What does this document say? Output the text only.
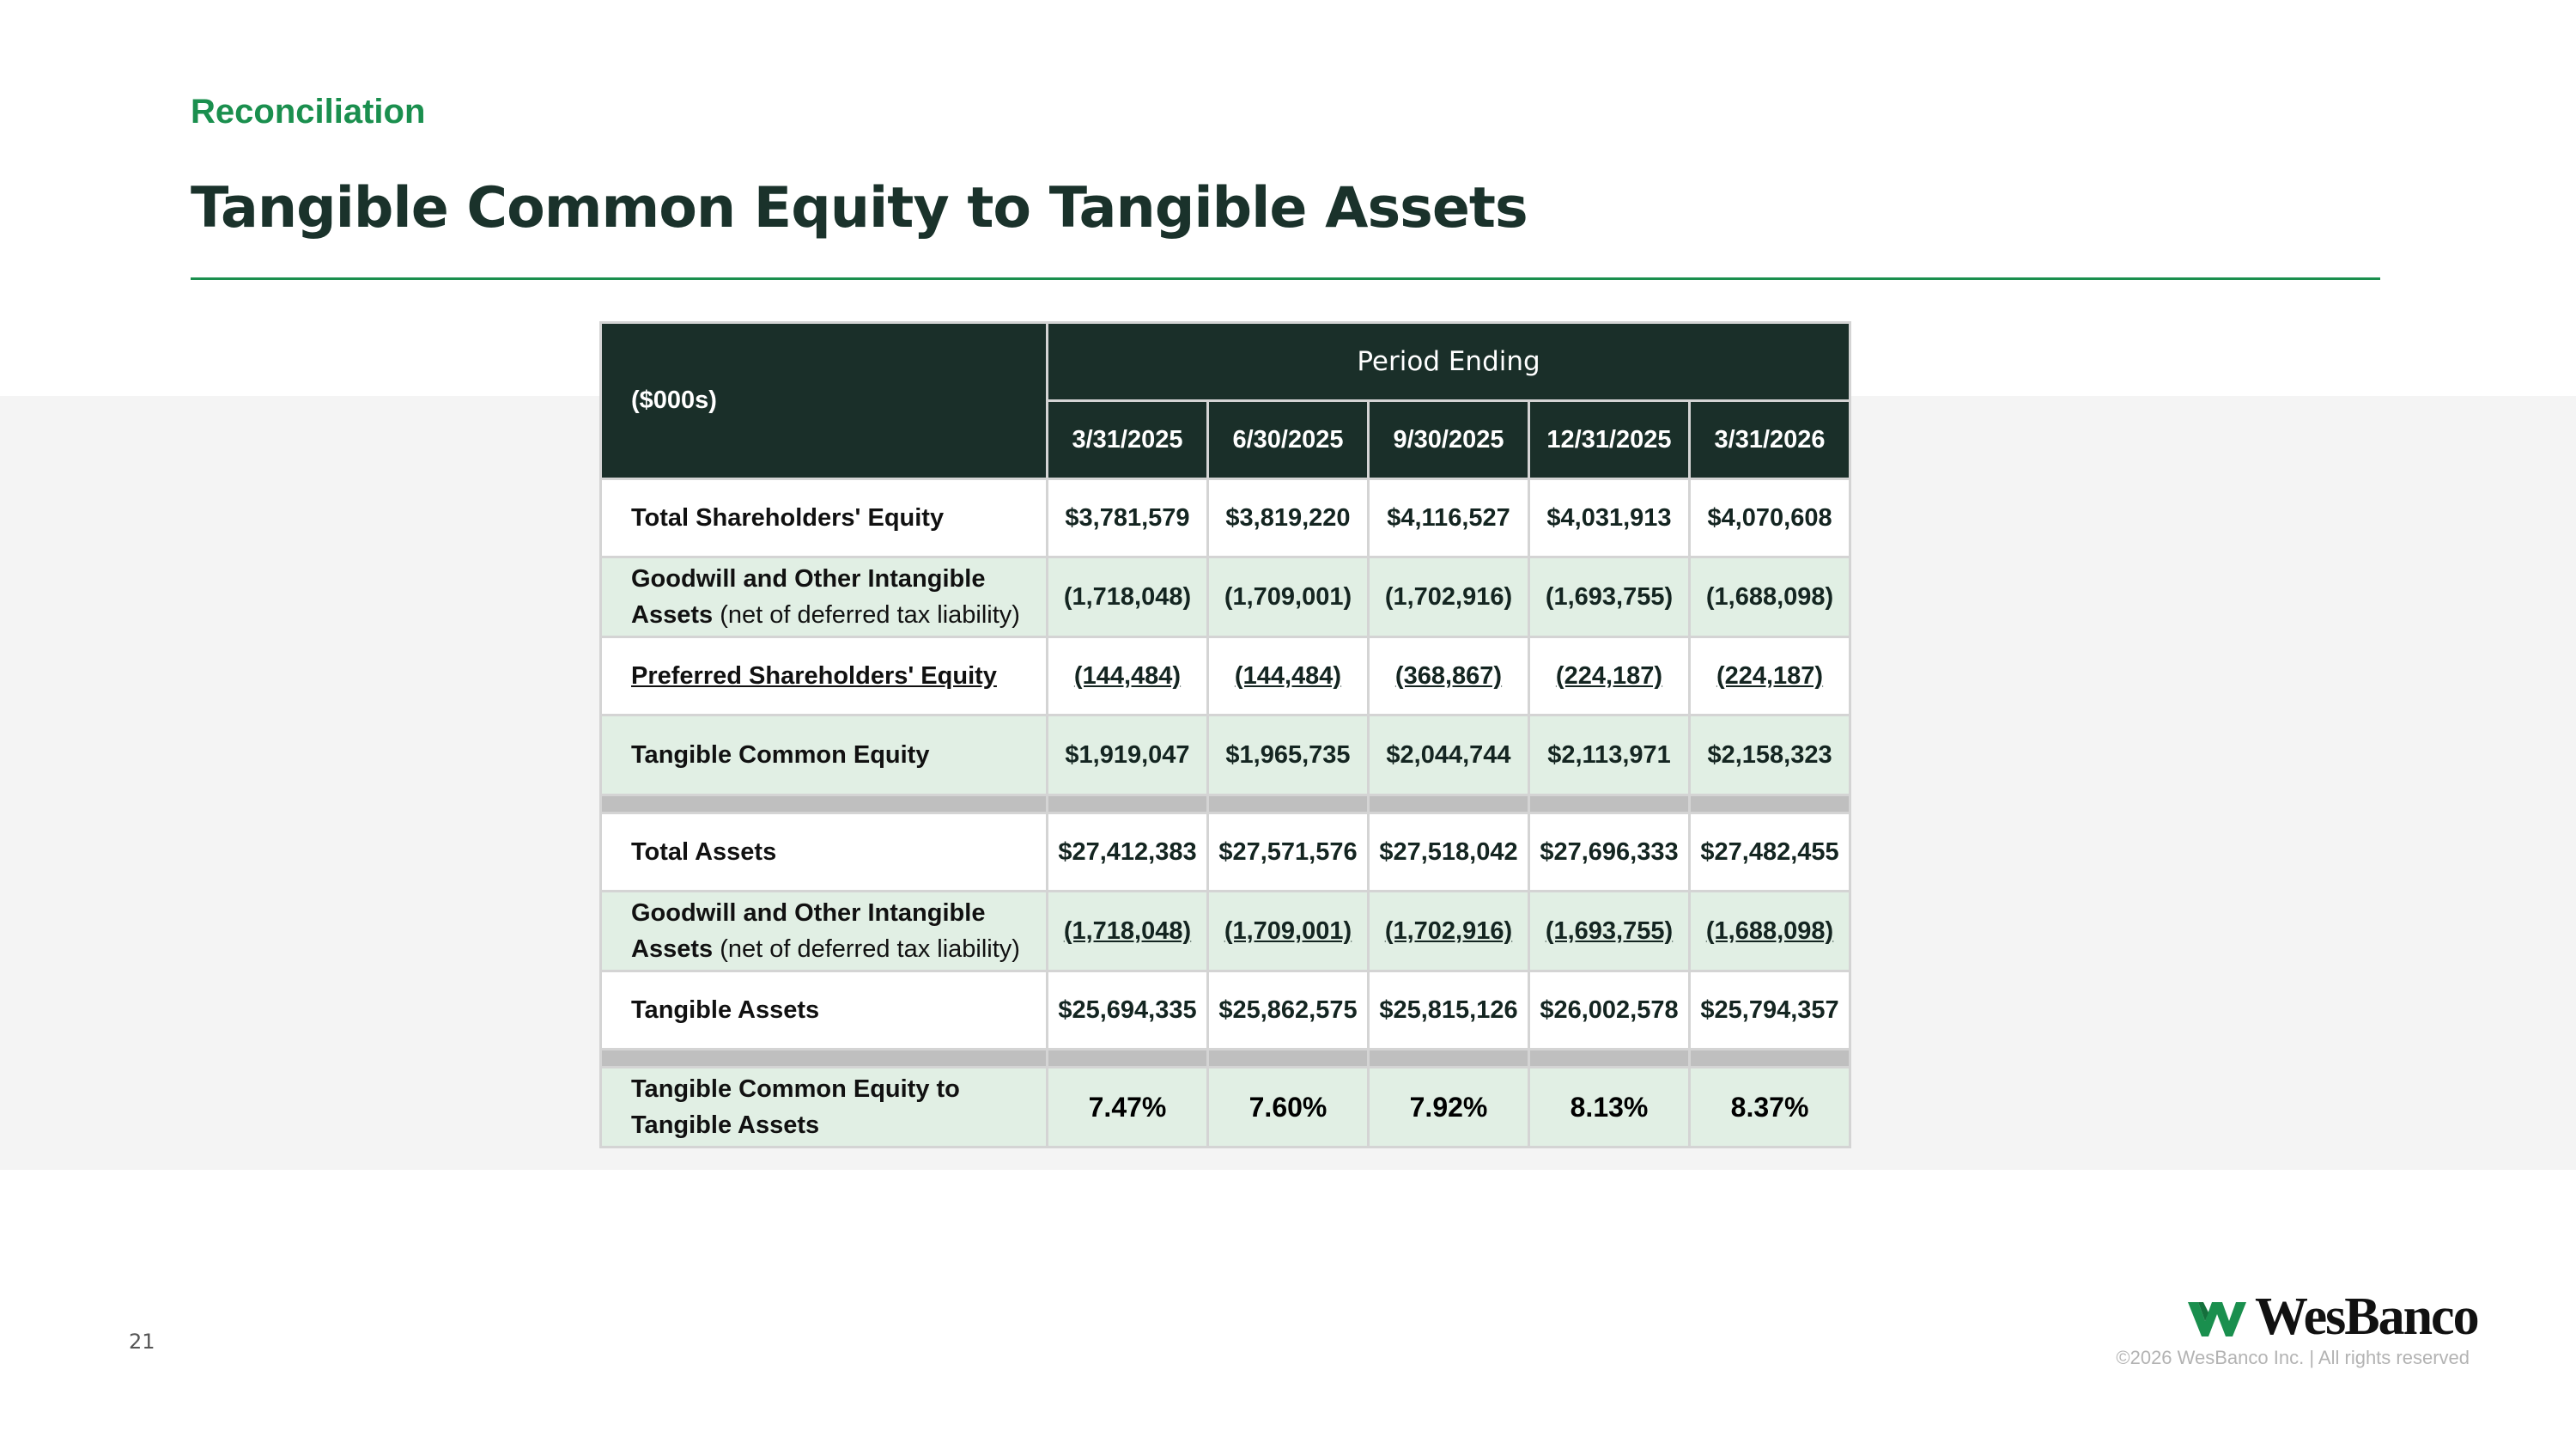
Reconciliation
Tangible Common Equity to Tangible Assets
($000s)	Period Ending				
	3/31/2025	6/30/2025	9/30/2025	12/31/2025	3/31/2026
Total Shareholders' Equity	$3,781,579	$3,819,220	$4,116,527	$4,031,913	$4,070,608
Goodwill and Other Intangible Assets (net of deferred tax liability)	(1,718,048)	(1,709,001)	(1,702,916)	(1,693,755)	(1,688,098)
Preferred Shareholders' Equity	(144,484)	(144,484)	(368,867)	(224,187)	(224,187)
Tangible Common Equity	$1,919,047	$1,965,735	$2,044,744	$2,113,971	$2,158,323

Total Assets	$27,412,383	$27,571,576	$27,518,042	$27,696,333	$27,482,455
Goodwill and Other Intangible Assets (net of deferred tax liability)	(1,718,048)	(1,709,001)	(1,702,916)	(1,693,755)	(1,688,098)
Tangible Assets	$25,694,335	$25,862,575	$25,815,126	$26,002,578	$25,794,357

Tangible Common Equity to Tangible Assets	7.47%	7.60%	7.92%	8.13%	8.37%
21	WesBanco
©2026 WesBanco Inc. | All rights reserved
